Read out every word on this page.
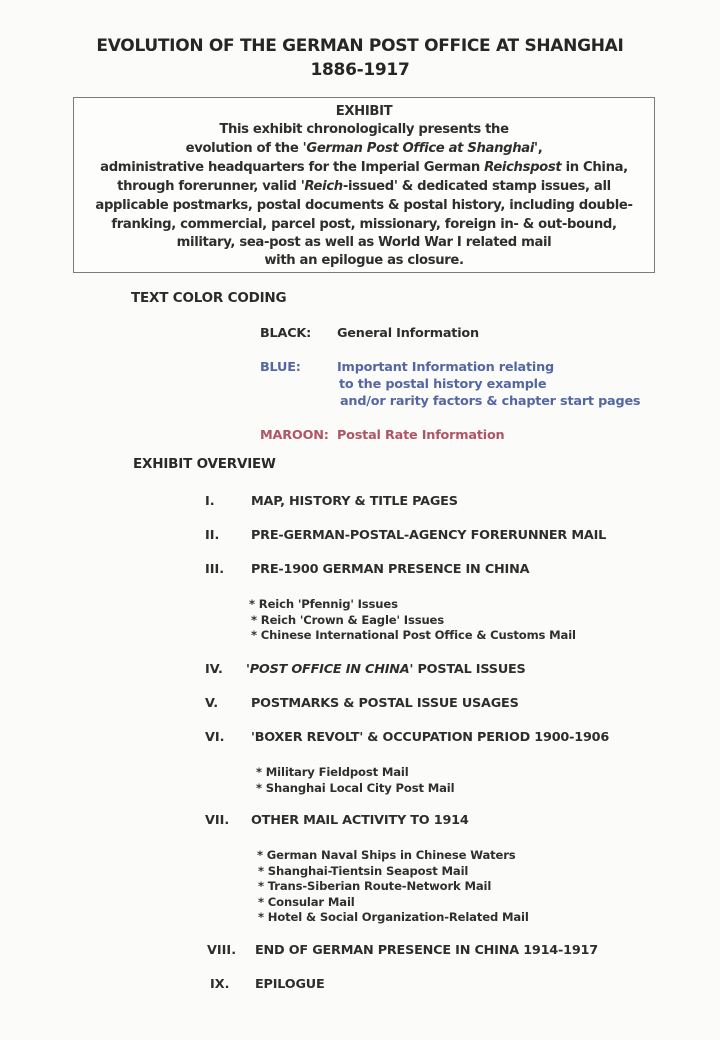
EVOLUTION OF THE GERMAN POST OFFICE AT SHANGHAI
1886-1917
EXHIBIT
This exhibit chronologically presents the
evolution of the 'German Post Office at Shanghai',
administrative headquarters for the Imperial German Reichspost in China,
through forerunner, valid 'Reich-issued' & dedicated stamp issues, all
applicable postmarks, postal documents & postal history, including double-
franking, commercial, parcel post, missionary, foreign in- & out-bound,
military, sea-post as well as World War I related mail
with an epilogue as closure.
TEXT COLOR CODING
BLACK: General Information
BLUE:	Important Information relating
to the postal history example
and/or rarity factors & chapter start pages
MAROON: Postal Rate Information
EXHIBIT OVERVIEW
I.	MAP, HISTORY & TITLE PAGES
II. PRE-GERMAN-POSTAL-AGENCY FORERUNNER MAIL
III. PRE-1900 GERMAN PRESENCE IN CHINA
* Reich 'Pfennig' Issues
* Reich 'Crown & Eagle' Issues
* Chinese International Post Office & Customs Mail
IV. 'POST OFFICE IN CHINA' POSTAL ISSUES
V.	POSTMARKS & POSTAL ISSUE USAGES
VI. 'BOXER REVOLT' & OCCUPATION PERIOD 1900-1906
* Military Fieldpost Mail
* Shanghai Local City Post Mail
VII. OTHER MAIL ACTIVITY TO 1914
* German Naval Ships in Chinese Waters
* Shanghai-Tientsin Seapost Mail
* Trans-Siberian Route-Network Mail
* Consular Mail
* Hotel & Social Organization-Related Mail
VIII. END OF GERMAN PRESENCE IN CHINA 1914-1917
IX. EPILOGUE
